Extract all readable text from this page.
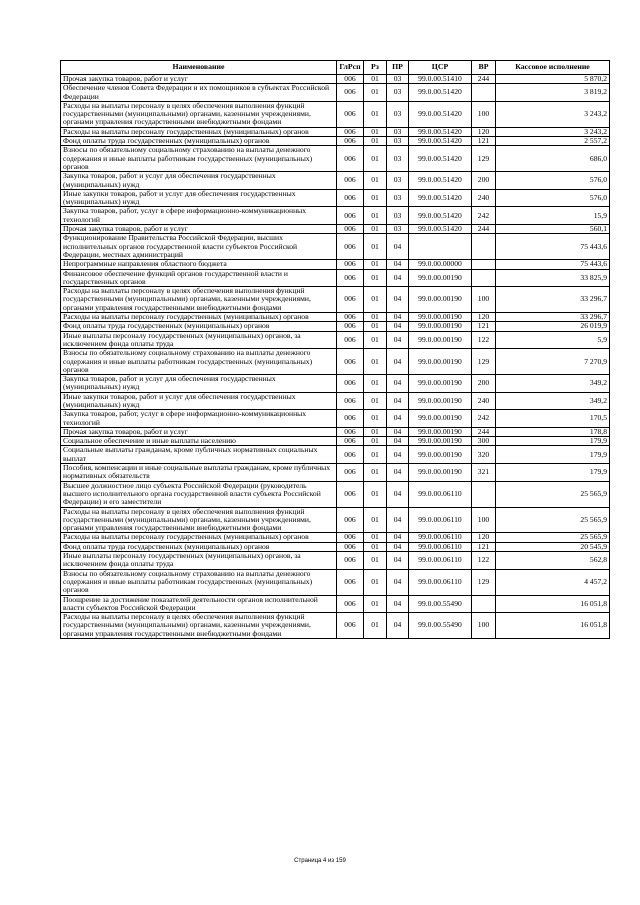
Наименование	ГлРсп	Рз	ПР	ЦСР	ВР	Кассовое исполнение
Прочая закупка товаров, работ и услуг	006	01	03	99.0.00.51410	244	5 870,2
Обеспечение членов Совета Федерации и их помощников в субъектах Российской Федерации	006	01	03	99.0.00.51420		3 819,2
Расходы на выплаты персоналу в целях обеспечения выполнения функций государственными (муниципальными) органами, казенными учреждениями, органами управления государственными внебюджетными фондами	006	01	03	99.0.00.51420	100	3 243,2
Расходы на выплаты персоналу государственных (муниципальных) органов	006	01	03	99.0.00.51420	120	3 243,2
Фонд оплаты труда государственных (муниципальных) органов	006	01	03	99.0.00.51420	121	2 557,2
Взносы по обязательному социальному страхованию на выплаты денежного содержания и иные выплаты работникам государственных (муниципальных) органов	006	01	03	99.0.00.51420	129	686,0
Закупка товаров, работ и услуг для обеспечения государственных (муниципальных) нужд	006	01	03	99.0.00.51420	200	576,0
Иные закупки товаров, работ и услуг для обеспечения государственных (муниципальных) нужд	006	01	03	99.0.00.51420	240	576,0
Закупка товаров, работ, услуг в сфере информационно-коммуникационных технологий	006	01	03	99.0.00.51420	242	15,9
Прочая закупка товаров, работ и услуг	006	01	03	99.0.00.51420	244	560,1
Функционирование Правительства Российской Федерации, высших исполнительных органов государственной власти субъектов Российской Федерации, местных администраций	006	01	04			75 443,6
Непрограммные направления областного бюджета	006	01	04	99.0.00.00000		75 443,6
Финансовое обеспечение функций органов государственной власти и государственных органов	006	01	04	99.0.00.00190		33 825,9
Расходы на выплаты персоналу в целях обеспечения выполнения функций государственными (муниципальными) органами, казенными учреждениями, органами управления государственными внебюджетными фондами	006	01	04	99.0.00.00190	100	33 296,7
Расходы на выплаты персоналу государственных (муниципальных) органов	006	01	04	99.0.00.00190	120	33 296,7
Фонд оплаты труда государственных (муниципальных) органов	006	01	04	99.0.00.00190	121	26 019,9
Иные выплаты персоналу государственных (муниципальных) органов, за исключением фонда оплаты труда	006	01	04	99.0.00.00190	122	5,9
Взносы по обязательному социальному страхованию на выплаты денежного содержания и иные выплаты работникам государственных (муниципальных) органов	006	01	04	99.0.00.00190	129	7 270,9
Закупка товаров, работ и услуг для обеспечения государственных (муниципальных) нужд	006	01	04	99.0.00.00190	200	349,2
Иные закупки товаров, работ и услуг для обеспечения государственных (муниципальных) нужд	006	01	04	99.0.00.00190	240	349,2
Закупка товаров, работ, услуг в сфере информационно-коммуникационных технологий	006	01	04	99.0.00.00190	242	170,5
Прочая закупка товаров, работ и услуг	006	01	04	99.0.00.00190	244	178,8
Социальное обеспечение и иные выплаты населению	006	01	04	99.0.00.00190	300	179,9
Социальные выплаты гражданам, кроме публичных нормативных социальных выплат	006	01	04	99.0.00.00190	320	179,9
Пособия, компенсации и иные социальные выплаты гражданам, кроме публичных нормативных обязательств	006	01	04	99.0.00.00190	321	179,9
Высшее должностное лицо субъекта Российской Федерации (руководитель высшего исполнительного органа государственной власти субъекта Российской Федерации) и его заместители	006	01	04	99.0.00.06110		25 565,9
Расходы на выплаты персоналу в целях обеспечения выполнения функций государственными (муниципальными) органами, казенными учреждениями, органами управления государственными внебюджетными фондами	006	01	04	99.0.00.06110	100	25 565,9
Расходы на выплаты персоналу государственных (муниципальных) органов	006	01	04	99.0.00.06110	120	25 565,9
Фонд оплаты труда государственных (муниципальных) органов	006	01	04	99.0.00.06110	121	20 545,9
Иные выплаты персоналу государственных (муниципальных) органов, за исключением фонда оплаты труда	006	01	04	99.0.00.06110	122	562,8
Взносы по обязательному социальному страхованию на выплаты денежного содержания и иные выплаты работникам государственных (муниципальных) органов	006	01	04	99.0.00.06110	129	4 457,2
Поощрение за достижение показателей деятельности органов исполнительной власти субъектов Российской Федерации	006	01	04	99.0.00.55490		16 051,8
Расходы на выплаты персоналу в целях обеспечения выполнения функций государственными (муниципальными) органами, казенными учреждениями, органами управления государственными внебюджетными фондами	006	01	04	99.0.00.55490	100	16 051,8
Страница 4 из 159
